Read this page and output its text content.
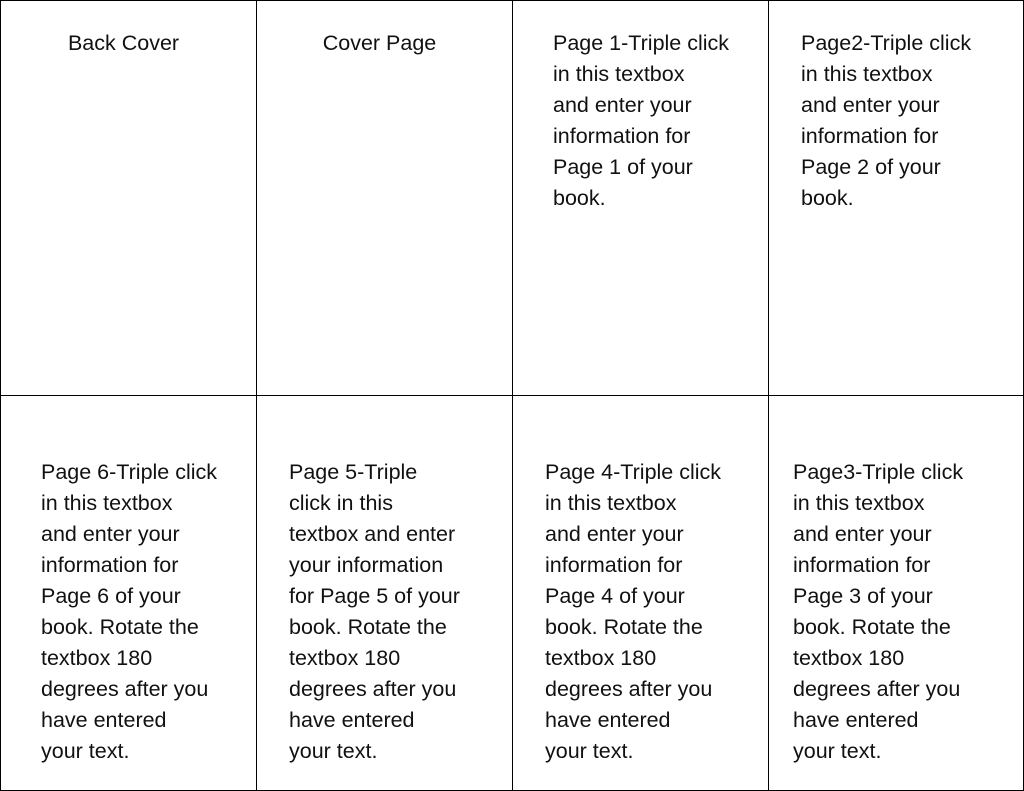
Back Cover	Cover Page	Page 1-Triple click
in this textbox
and enter your
information for
Page 1 of your
book.
Page2-Triple click
in this textbox
and enter your
information for
Page 2 of your
book.
Page 6-Triple click
in this textbox
and enter your
information for
Page 6 of your
book. Rotate the
textbox 180
degrees after you
have entered
your text.
Page 5-Triple
click in this
textbox and enter
your information
for Page 5 of your
book. Rotate the
textbox 180
degrees after you
have entered
your text.
Page 4-Triple click
in this textbox
and enter your
information for
Page 4 of your
book. Rotate the
textbox 180
degrees after you
have entered
your text.
Page3-Triple click
in this textbox
and enter your
information for
Page 3 of your
book. Rotate the
textbox 180
degrees after you
have entered
your text.
